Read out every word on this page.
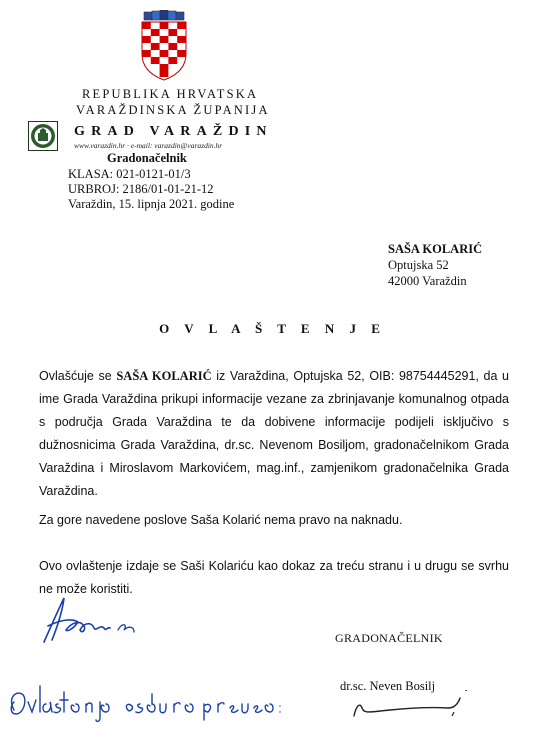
REPUBLIKA HRVATSKA
VARAŽDINSKA ŽUPANIJA
GRAD VARAŽDIN
www.varazdin.hr · e-mail: varazdin@varazdin.hr
Gradonačelnik
KLASA: 021-0121-01/3
URBROJ: 2186/01-01-21-12
Varaždin, 15. lipnja 2021. godine
SAŠA KOLARIĆ
Optujska 52
42000 Varaždin
O V L A Š T E N J E
Ovlašćuje se SAŠA KOLARIĆ iz Varaždina, Optujska 52, OIB: 98754445291, da u ime Grada Varaždina prikupi informacije vezane za zbrinjavanje komunalnog otpada s područja Grada Varaždina te da dobivene informacije podijeli isključivo s dužnosnicima Grada Varaždina, dr.sc. Nevenom Bosiljom, gradonačelnikom Grada Varaždina i Miroslavom Markovićem, mag.inf., zamjenikom gradonačelnika Grada Varaždina.
Za gore navedene poslove Saša Kolarić nema pravo na naknadu.
Ovo ovlaštenje izdaje se Saši Kolariću kao dokaz za treću stranu i u drugu se svrhu ne može koristiti.
GRADONAČELNIK
dr.sc. Neven Bosilj
